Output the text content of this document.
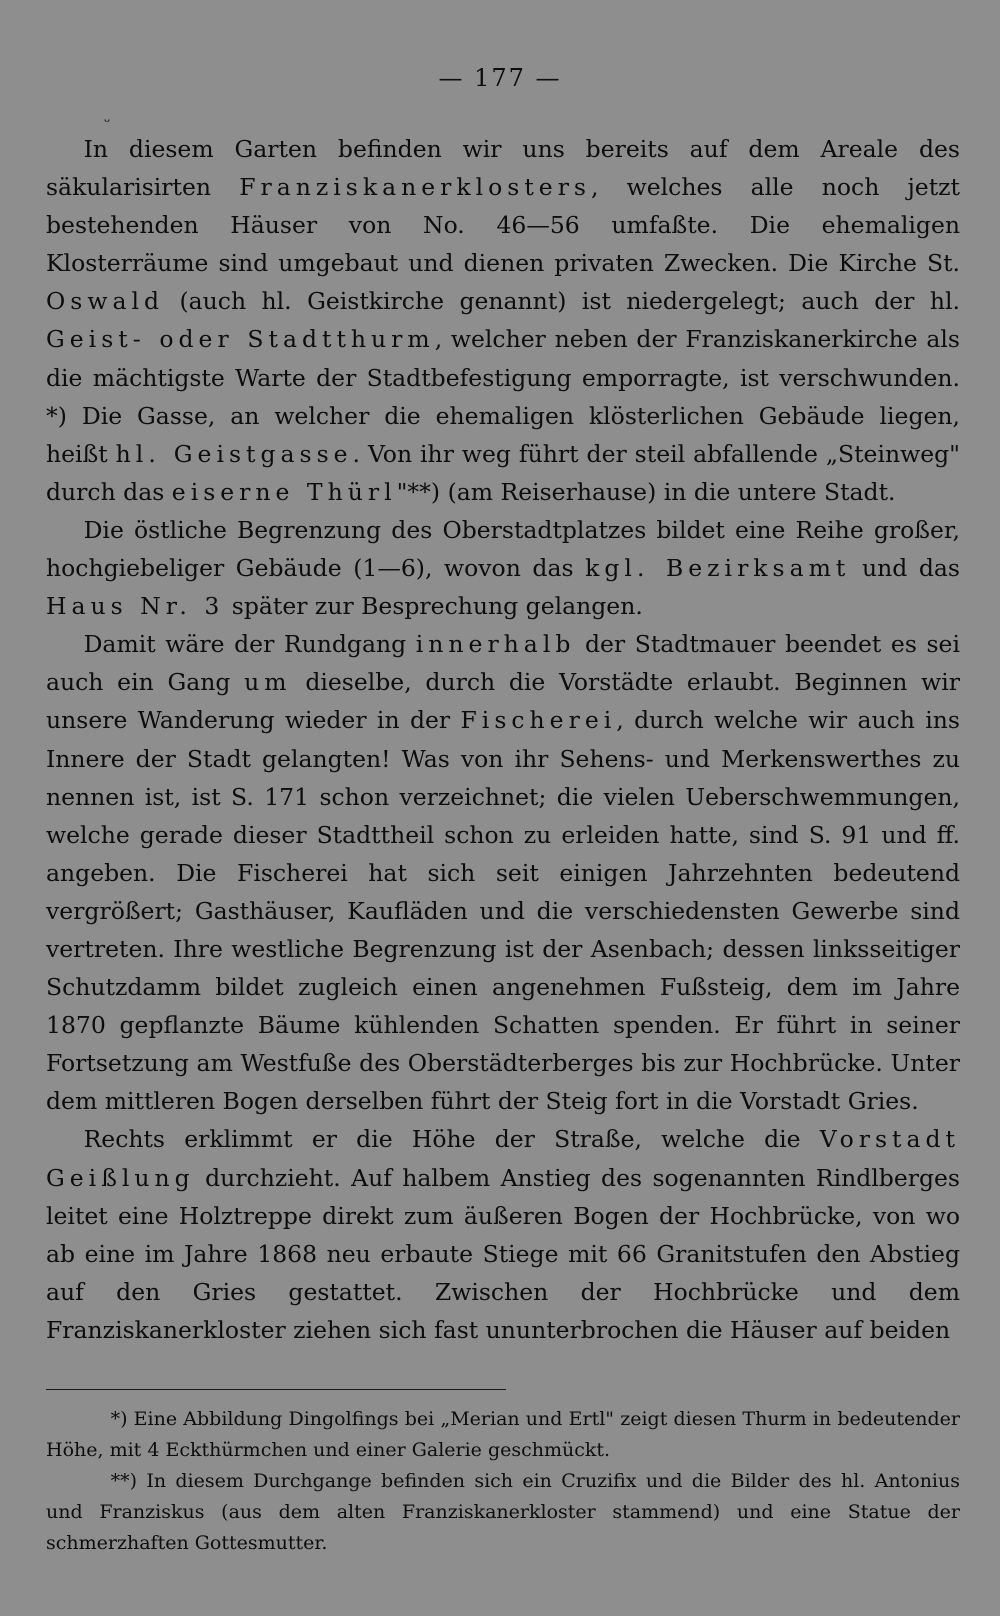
— 177 —
ᵕ

In diesem Garten befinden wir uns bereits auf dem Areale des säkularisirten Franziskanerklosters, welches alle noch jetzt bestehenden Häuser von No. 46—56 umfaßte. Die ehemaligen Klosterräume sind umgebaut und dienen privaten Zwecken. Die Kirche St. Oswald (auch hl. Geistkirche genannt) ist niedergelegt; auch der hl. Geist- oder Stadtthurm, welcher neben der Franziskanerkirche als die mächtigste Warte der Stadtbefestigung emporragte, ist verschwunden. *) Die Gasse, an welcher die ehemaligen klösterlichen Gebäude liegen, heißt hl. Geistgasse. Von ihr weg führt der steil abfallende „Steinweg" durch das eiserne Thürl"**) (am Reiserhause) in die untere Stadt.

Die östliche Begrenzung des Oberstadtplatzes bildet eine Reihe großer, hochgiebeliger Gebäude (1—6), wovon das kgl. Bezirksamt und das Haus Nr. 3 später zur Besprechung gelangen.

Damit wäre der Rundgang innerhalb der Stadtmauer beendet es sei auch ein Gang um dieselbe, durch die Vorstädte erlaubt. Beginnen wir unsere Wanderung wieder in der Fischerei, durch welche wir auch ins Innere der Stadt gelangten! Was von ihr Sehens- und Merkenswerthes zu nennen ist, ist S. 171 schon verzeichnet; die vielen Ueberschwemmungen, welche gerade dieser Stadttheil schon zu erleiden hatte, sind S. 91 und ff. angeben. Die Fischerei hat sich seit einigen Jahrzehnten bedeutend vergrößert; Gasthäuser, Kaufläden und die verschiedensten Gewerbe sind vertreten. Ihre westliche Begrenzung ist der Asenbach; dessen linksseitiger Schutzdamm bildet zugleich einen angenehmen Fußsteig, dem im Jahre 1870 gepflanzte Bäume kühlenden Schatten spenden. Er führt in seiner Fortsetzung am Westfuße des Oberstädterberges bis zur Hochbrücke. Unter dem mittleren Bogen derselben führt der Steig fort in die Vorstadt Gries.

Rechts erklimmt er die Höhe der Straße, welche die Vorstadt Geißlung durchzieht. Auf halbem Anstieg des sogenannten Rindlberges leitet eine Holztreppe direkt zum äußeren Bogen der Hochbrücke, von wo ab eine im Jahre 1868 neu erbaute Stiege mit 66 Granitstufen den Abstieg auf den Gries gestattet. Zwischen der Hochbrücke und dem Franziskanerkloster ziehen sich fast ununterbrochen die Häuser auf beiden

*) Eine Abbildung Dingolfings bei „Merian und Ertl" zeigt diesen Thurm in bedeutender Höhe, mit 4 Eckthürmchen und einer Galerie geschmückt.

**) In diesem Durchgange befinden sich ein Cruzifix und die Bilder des hl. Antonius und Franziskus (aus dem alten Franziskanerkloster stammend) und eine Statue der schmerzhaften Gottesmutter.
